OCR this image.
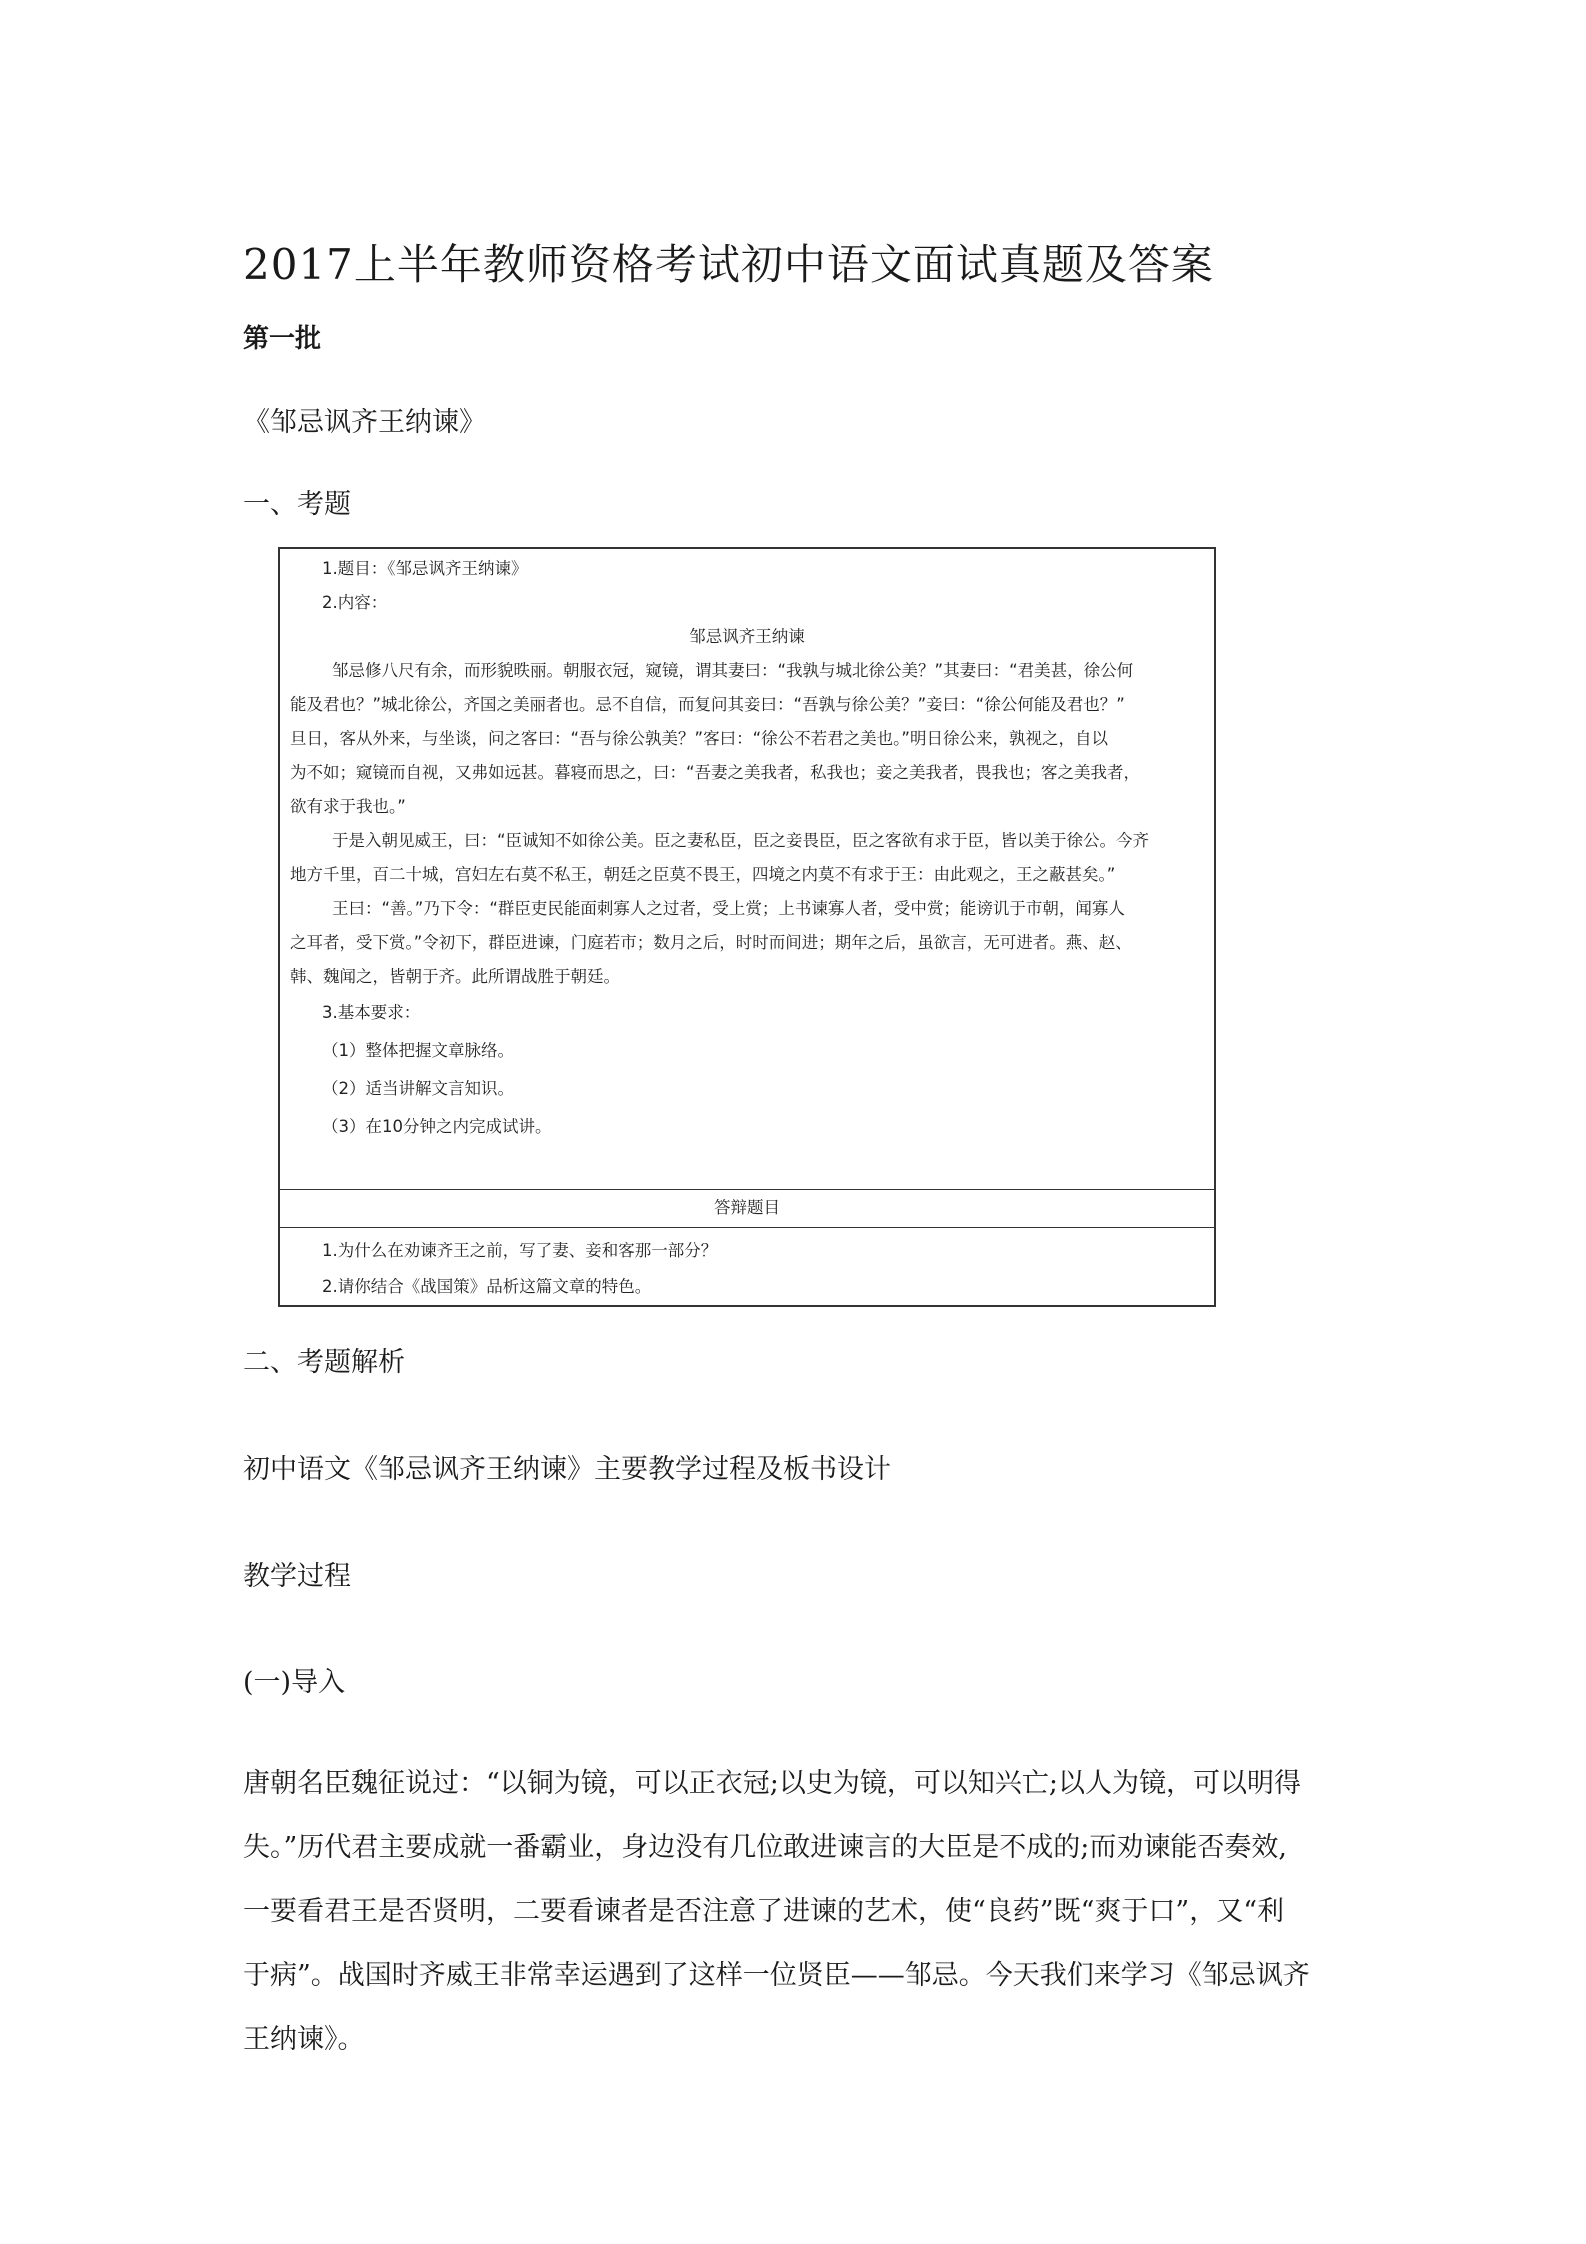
2017上半年教师资格考试初中语文面试真题及答案
第一批
《邹忌讽齐王纳谏》
一、考题
1.题目：《邹忌讽齐王纳谏》
2.内容：
邹忌讽齐王纳谏
邹忌修八尺有余，而形貌昳丽。朝服衣冠，窥镜，谓其妻曰：“我孰与城北徐公美？”其妻曰：“君美甚，徐公何
能及君也？”城北徐公，齐国之美丽者也。忌不自信，而复问其妾曰：“吾孰与徐公美？”妾曰：“徐公何能及君也？”
旦日，客从外来，与坐谈，问之客曰：“吾与徐公孰美？”客曰：“徐公不若君之美也。”明日徐公来，孰视之，自以
为不如；窥镜而自视，又弗如远甚。暮寝而思之，曰：“吾妻之美我者，私我也；妾之美我者，畏我也；客之美我者，
欲有求于我也。”
于是入朝见威王，曰：“臣诚知不如徐公美。臣之妻私臣，臣之妾畏臣，臣之客欲有求于臣，皆以美于徐公。今齐
地方千里，百二十城，宫妇左右莫不私王，朝廷之臣莫不畏王，四境之内莫不有求于王：由此观之，王之蔽甚矣。”
王曰：“善。”乃下令：“群臣吏民能面刺寡人之过者，受上赏；上书谏寡人者，受中赏；能谤讥于市朝，闻寡人
之耳者，受下赏。”令初下，群臣进谏，门庭若市；数月之后，时时而间进；期年之后，虽欲言，无可进者。燕、赵、
韩、魏闻之，皆朝于齐。此所谓战胜于朝廷。
3.基本要求：
（1）整体把握文章脉络。
（2）适当讲解文言知识。
（3）在10分钟之内完成试讲。
答辩题目
1.为什么在劝谏齐王之前，写了妻、妾和客那一部分？
2.请你结合《战国策》品析这篇文章的特色。
二、考题解析
初中语文《邹忌讽齐王纳谏》主要教学过程及板书设计
教学过程
(一)导入
唐朝名臣魏征说过：“以铜为镜，可以正衣冠;以史为镜，可以知兴亡;以人为镜，可以明得
失。”历代君主要成就一番霸业，身边没有几位敢进谏言的大臣是不成的;而劝谏能否奏效,
一要看君王是否贤明，二要看谏者是否注意了进谏的艺术，使“良药”既“爽于口”，又“利
于病”。战国时齐威王非常幸运遇到了这样一位贤臣——邹忌。今天我们来学习《邹忌讽齐
王纳谏》。
